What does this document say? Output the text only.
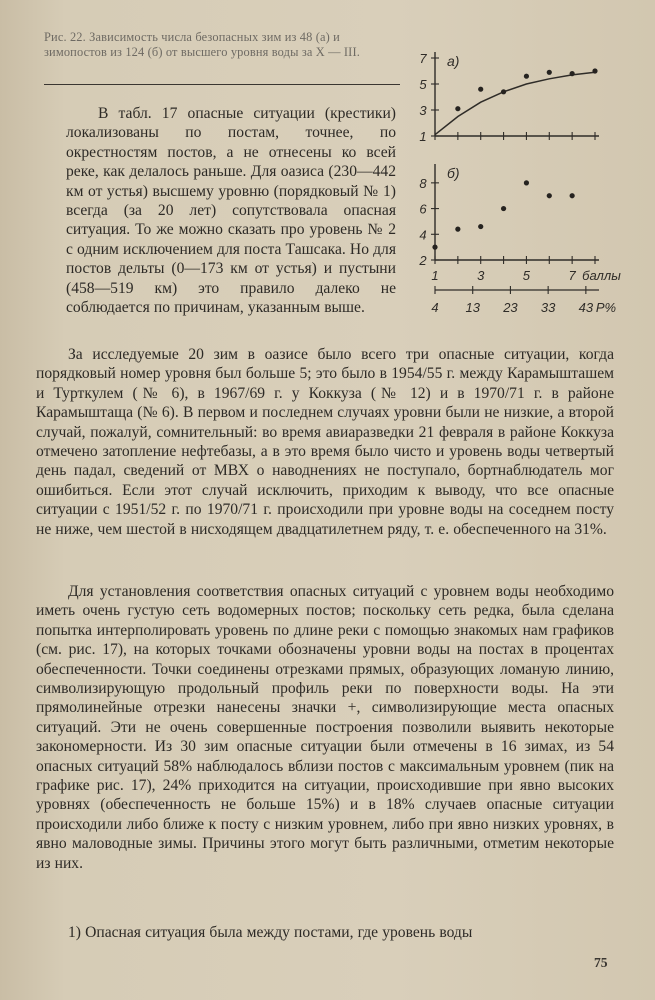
Рис. 22. Зависимость числа безопасных зим из 48 (а) и зимопостов из 124 (б) от высшего уровня воды за X — III.
1
3
5
7 а)
2
4
6
8
б)
1	3	5	7 баллы
4 13 23 33 43 P%

В табл. 17 опасные ситуации (крестики) локализованы по постам, точнее, по окрестностям постов, а не отнесены ко всей реке, как делалось раньше. Для оазиса (230—442 км от устья) высшему уровню (порядковый № 1) всегда (за 20 лет) сопутствовала опасная ситуация. То же можно сказать про уровень № 2 с одним исключением для поста Ташсака. Но для постов дельты (0—173 км от устья) и пустыни (458—519 км) это правило далеко не соблюдается по причинам, указанным выше.

За исследуемые 20 зим в оазисе было всего три опасные ситуации, когда порядковый номер уровня был больше 5; это было в 1954/55 г. между Карамышташем и Турткулем (№ 6), в 1967/69 г. у Коккуза (№ 12) и в 1970/71 г. в районе Карамыштаща (№ 6). В первом и последнем случаях уровни были не низкие, а второй случай, пожалуй, сомнительный: во время авиаразведки 21 февраля в районе Коккуза отмечено затопление нефтебазы, а в это время было чисто и уровень воды четвертый день падал, сведений от МВХ о наводнениях не поступало, бортнаблюдатель мог ошибиться. Если этот случай исключить, приходим к выводу, что все опасные ситуации с 1951/52 г. по 1970/71 г. происходили при уровне воды на соседнем посту не ниже, чем шестой в нисходящем двадцатилетнем ряду, т. е. обеспеченного на 31%.

Для установления соответствия опасных ситуаций с уровнем воды необходимо иметь очень густую сеть водомерных постов; поскольку сеть редка, была сделана попытка интерполировать уровень по длине реки с помощью знакомых нам графиков (см. рис. 17), на которых точками обозначены уровни воды на постах в процентах обеспеченности. Точки соединены отрезками прямых, образующих ломаную линию, символизирующую продольный профиль реки по поверхности воды. На эти прямолинейные отрезки нанесены значки +, символизирующие места опасных ситуаций. Эти не очень совершенные построения позволили выявить некоторые закономерности. Из 30 зим опасные ситуации были отмечены в 16 зимах, из 54 опасных ситуаций 58% наблюдалось вблизи постов с максимальным уровнем (пик на графике рис. 17), 24% приходится на ситуации, происходившие при явно высоких уровнях (обеспеченность не больше 15%) и в 18% случаев опасные ситуации происходили либо ближе к посту с низким уровнем, либо при явно низких уровнях, в явно маловодные зимы. Причины этого могут быть различными, отметим некоторые из них.

1) Опасная ситуация была между постами, где уровень воды

75
